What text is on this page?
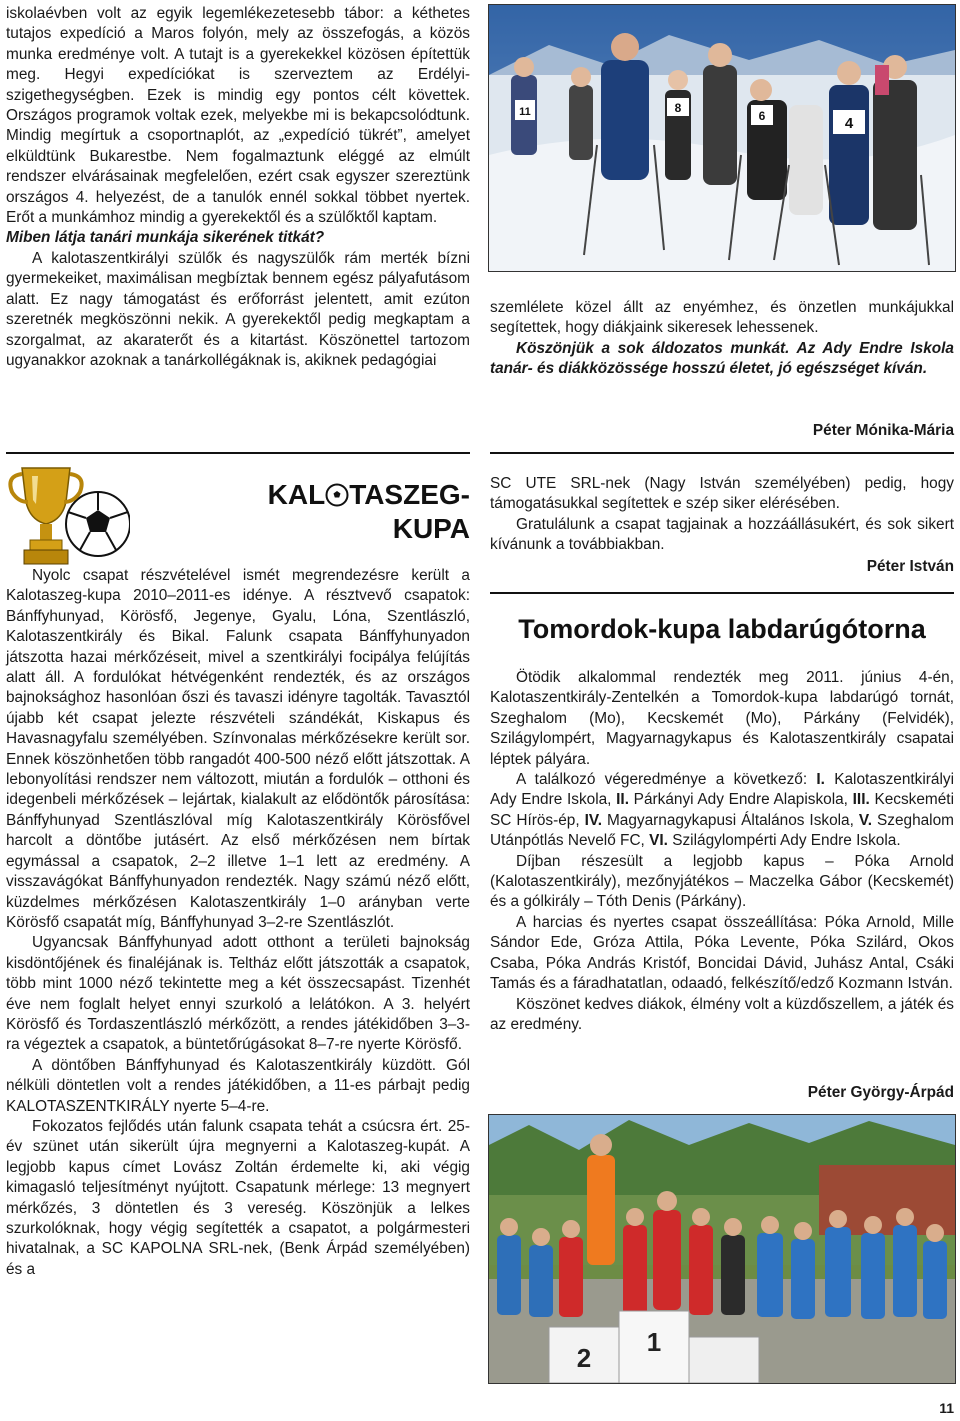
iskolaévben volt az egyik legemlékezetesebb tábor: a kéthetes tutajos expedíció a Maros folyón, mely az összefogás, a közös munka eredménye volt. A tutajt is a gyerekekkel közösen építettük meg. Hegyi expedíciókat is szerveztem az Erdélyi-szigethegységben. Ezek is mindig egy pontos célt követtek. Országos programok voltak ezek, melyekbe mi is bekapcsolódtunk. Mindig megírtuk a csoportnaplót, az „expedíció tükrét”, amelyet elküldtünk Bukarestbe. Nem fogalmaztunk eléggé az elmúlt rendszer elvárásainak megfelelően, ezért csak egyszer szereztünk országos 4. helyezést, de a tanulók ennél sokkal többet nyertek. Erőt a munkámhoz mindig a gyerekektől és a szülőktől kaptam.

Miben látja tanári munkája sikerének titkát?

A kalotaszentkirályi szülők és nagyszülők rám merték bízni gyermekeiket, maximálisan megbíztak bennem egész pályafutásom alatt. Ez nagy támogatást és erőforrást jelentett, amit ezúton szeretnék megköszönni nekik. A gyerekektől pedig megkaptam a szorgalmat, az akaraterőt és a kitartást. Köszönettel tartozom ugyanakkor azoknak a tanárkollégáknak is, akiknek pedagógiai

11	8
6	4

szemlélete közel állt az enyémhez, és önzetlen munkájukkal segítettek, hogy diákjaink sikeresek lehessenek.

Köszönjük a sok áldozatos munkát. Az Ady Endre Iskola tanár- és diákközössége hosszú életet, jó egészséget kíván.

Péter Mónika-Mária
KAL TASZEG-
KUPA

Nyolc csapat részvételével ismét megrendezésre került a Kalotaszeg-kupa 2010–2011-es idénye. A résztvevő csapatok: Bánffyhunyad, Körösfő, Jegenye, Gyalu, Lóna, Szentlászló, Kalotaszentkirály és Bikal. Falunk csapata Bánffyhunyadon játszotta hazai mérkőzéseit, mivel a szentkirályi focipálya felújítás alatt áll. A fordulókat hétvégenként rendezték, és az országos bajnoksághoz hasonlóan őszi és tavaszi idényre tagolták. Tavasztól újabb két csapat jelezte részvételi szándékát, Kiskapus és Havasnagyfalu személyében. Színvonalas mérkőzésekre került sor. Ennek köszönhetően több rangadót 400-500 néző előtt játszottak. A lebonyolítási rendszer nem változott, miután a fordulók – otthoni és idegenbeli mérkőzések – lejártak, kialakult az elődöntők párosítása: Bánffyhunyad Szentlászlóval míg Kalotaszentkirály Körösfővel harcolt a döntőbe jutásért. Az első mérkőzésen nem bírtak egymással a csapatok, 2–2 illetve 1–1 lett az eredmény. A visszavágókat Bánffyhunyadon rendezték. Nagy számú néző előtt, küzdelmes mérkőzésen Kalotaszentkirály 1–0 arányban verte Körösfő csapatát míg, Bánffyhunyad 3–2-re Szentlászlót.

Ugyancsak Bánffyhunyad adott otthont a területi bajnokság kisdöntőjének és finaléjának is. Teltház előtt játszották a csapatok, több mint 1000 néző tekintette meg a két összecsapást. Tizenhét éve nem foglalt helyet ennyi szurkoló a lelátókon. A 3. helyért Körösfő és Tordaszentlászló mérkőzött, a rendes játékidőben 3–3-ra végeztek a csapatok, a büntetőrúgásokat 8–7-re nyerte Körösfő.

A döntőben Bánffyhunyad és Kalotaszentkirály küzdött. Gól nélküli döntetlen volt a rendes játékidőben, a 11-es párbajt pedig KALOTASZENTKIRÁLY nyerte 5–4-re.

Fokozatos fejlődés után falunk csapata tehát a csúcsra ért. 25-év szünet után sikerült újra megnyerni a Kalotaszeg-kupát. A legjobb kapus címet Lovász Zoltán érdemelte ki, aki végig kimagasló teljesítményt nyújtott. Csapatunk mérlege: 13 megnyert mérkőzés, 3 döntetlen és 3 vereség. Köszönjük a lelkes szurkolóknak, hogy végig segítették a csapatot, a polgármesteri hivatalnak, a SC KAPOLNA SRL-nek, (Benk Árpád személyében) és a

SC UTE SRL-nek (Nagy István személyében) pedig, hogy támogatásukkal segítettek e szép siker elérésében.

Gratulálunk a csapat tagjainak a hozzáállásukért, és sok sikert kívánunk a továbbiakban.

Péter István
Tomordok-kupa labdarúgótorna

Ötödik alkalommal rendezték meg 2011. június 4-én, Kalotaszentkirály-Zentelkén a Tomordok-kupa labdarúgó tornát, Szeghalom (Mo), Kecskemét (Mo), Párkány (Felvidék), Szilágylompért, Magyarnagykapus és Kalotaszentkirály csapatai léptek pályára.

A találkozó végeredménye a következő: I. Kalotaszentkirályi Ady Endre Iskola, II. Párkányi Ady Endre Alapiskola, III. Kecskeméti SC Hírös-ép, IV. Magyarnagykapusi Általános Iskola, V. Szeghalom Utánpótlás Nevelő FC, VI. Szilágylompérti Ady Endre Iskola.

Díjban részesült a legjobb kapus – Póka Arnold (Kalotaszentkirály), mezőnyjátékos – Maczelka Gábor (Kecskemét) és a gólkirály – Tóth Denis (Párkány).

A harcias és nyertes csapat összeállítása: Póka Arnold, Mille Sándor Ede, Gróza Attila, Póka Levente, Póka Szilárd, Okos Csaba, Póka András Kristóf, Boncidai Dávid, Juhász Antal, Csáki Tamás és a fáradhatatlan, odaadó, felkészítő/edző Kozmann István.

Köszönet kedves diákok, élmény volt a küzdőszellem, a játék és az eredmény.

Péter György-Árpád
2
1
11
